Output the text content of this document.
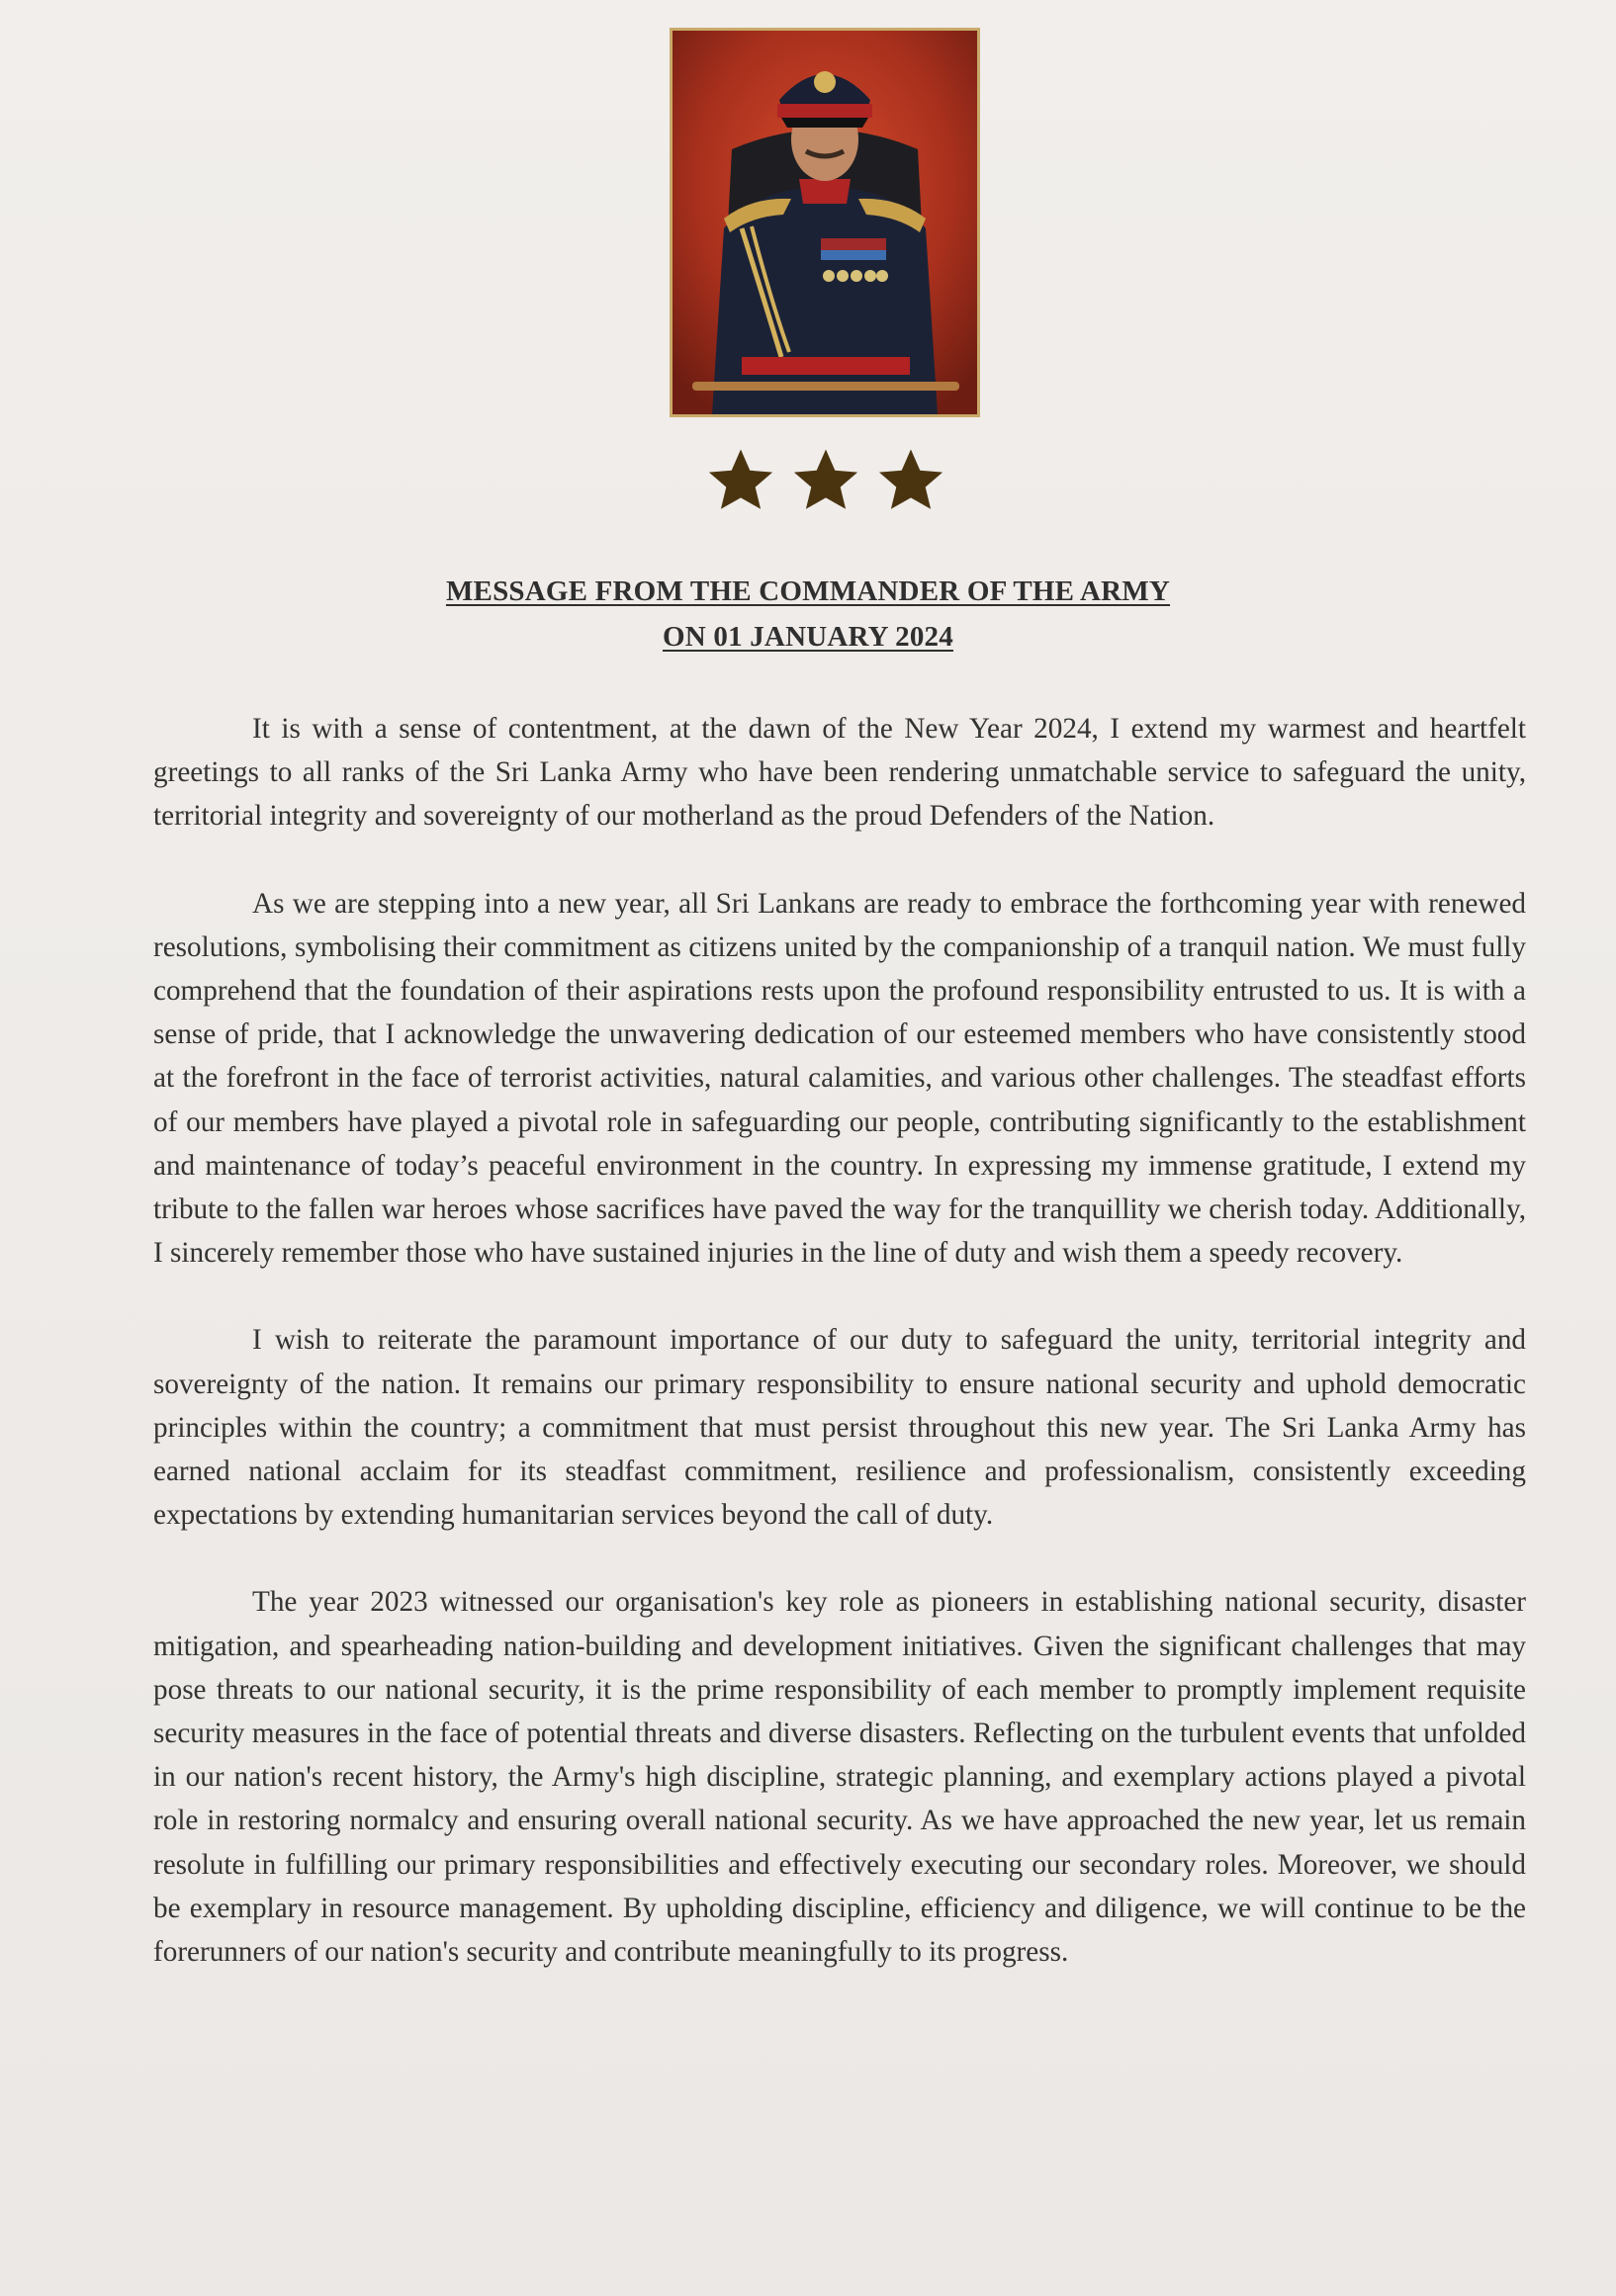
MESSAGE FROM THE COMMANDER OF THE ARMY
ON 01 JANUARY 2024

It is with a sense of contentment, at the dawn of the New Year 2024, I extend my warmest and heartfelt greetings to all ranks of the Sri Lanka Army who have been rendering unmatchable service to safeguard the unity, territorial integrity and sovereignty of our motherland as the proud Defenders of the Nation.

As we are stepping into a new year, all Sri Lankans are ready to embrace the forthcoming year with renewed resolutions, symbolising their commitment as citizens united by the companionship of a tranquil nation. We must fully comprehend that the foundation of their aspirations rests upon the profound responsibility entrusted to us. It is with a sense of pride, that I acknowledge the unwavering dedication of our esteemed members who have consistently stood at the forefront in the face of terrorist activities, natural calamities, and various other challenges. The steadfast efforts of our members have played a pivotal role in safeguarding our people, contributing significantly to the establishment and maintenance of today’s peaceful environment in the country. In expressing my immense gratitude, I extend my tribute to the fallen war heroes whose sacrifices have paved the way for the tranquillity we cherish today. Additionally, I sincerely remember those who have sustained injuries in the line of duty and wish them a speedy recovery.

I wish to reiterate the paramount importance of our duty to safeguard the unity, territorial integrity and sovereignty of the nation. It remains our primary responsibility to ensure national security and uphold democratic principles within the country; a commitment that must persist throughout this new year. The Sri Lanka Army has earned national acclaim for its steadfast commitment, resilience and professionalism, consistently exceeding expectations by extending humanitarian services beyond the call of duty.

The year 2023 witnessed our organisation's key role as pioneers in establishing national security, disaster mitigation, and spearheading nation-building and development initiatives. Given the significant challenges that may pose threats to our national security, it is the prime responsibility of each member to promptly implement requisite security measures in the face of potential threats and diverse disasters. Reflecting on the turbulent events that unfolded in our nation's recent history, the Army's high discipline, strategic planning, and exemplary actions played a pivotal role in restoring normalcy and ensuring overall national security. As we have approached the new year, let us remain resolute in fulfilling our primary responsibilities and effectively executing our secondary roles. Moreover, we should be exemplary in resource management. By upholding discipline, efficiency and diligence, we will continue to be the forerunners of our nation's security and contribute meaningfully to its progress.
